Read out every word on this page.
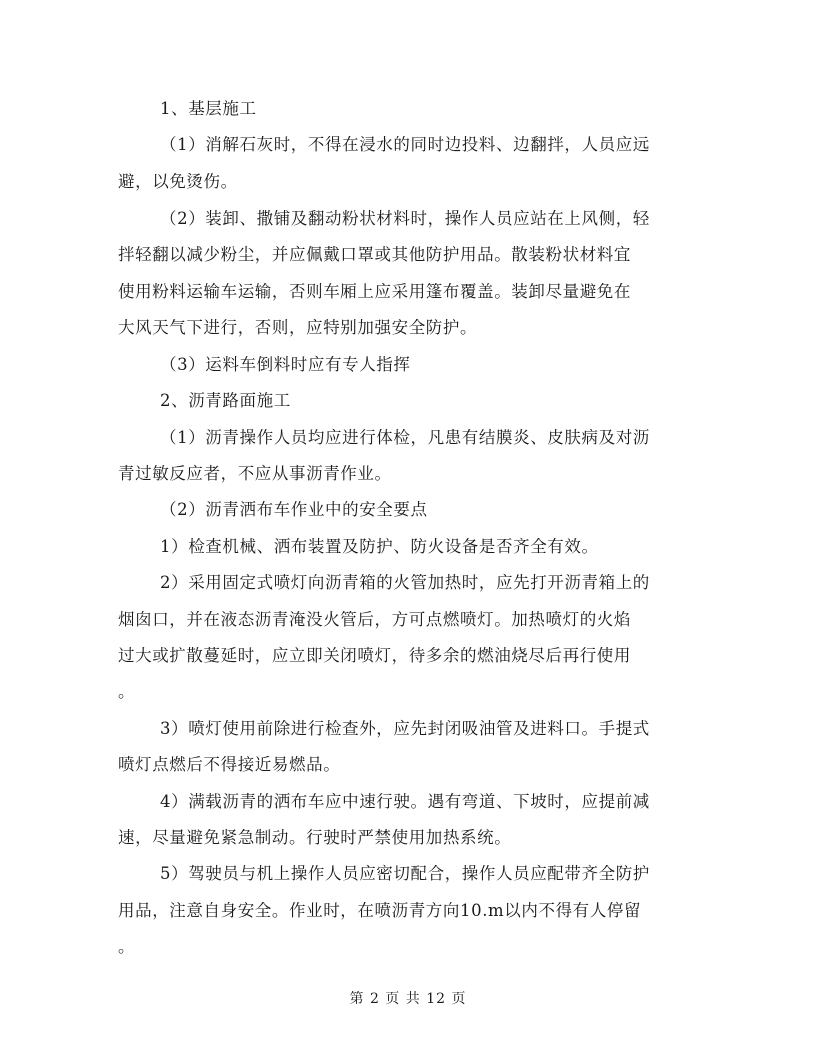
1、基层施工
（1）消解石灰时，不得在浸水的同时边投料、边翻拌，人员应远
避，以免烫伤。
（2）装卸、撒铺及翻动粉状材料时，操作人员应站在上风侧，轻
拌轻翻以减少粉尘，并应佩戴口罩或其他防护用品。散装粉状材料宜
使用粉料运输车运输，否则车厢上应采用篷布覆盖。装卸尽量避免在
大风天气下进行，否则，应特别加强安全防护。
（3）运料车倒料时应有专人指挥
2、沥青路面施工
（1）沥青操作人员均应进行体检，凡患有结膜炎、皮肤病及对沥
青过敏反应者，不应从事沥青作业。
（2）沥青洒布车作业中的安全要点
1）检查机械、洒布装置及防护、防火设备是否齐全有效。
2）采用固定式喷灯向沥青箱的火管加热时，应先打开沥青箱上的
烟囱口，并在液态沥青淹没火管后，方可点燃喷灯。加热喷灯的火焰
过大或扩散蔓延时，应立即关闭喷灯，待多余的燃油烧尽后再行使用
。
3）喷灯使用前除进行检查外，应先封闭吸油管及进料口。手提式
喷灯点燃后不得接近易燃品。
4）满载沥青的洒布车应中速行驶。遇有弯道、下坡时，应提前减
速，尽量避免紧急制动。行驶时严禁使用加热系统。
5）驾驶员与机上操作人员应密切配合，操作人员应配带齐全防护
用品，注意自身安全。作业时，在喷沥青方向10.m以内不得有人停留
。
第 2 页 共 12 页
